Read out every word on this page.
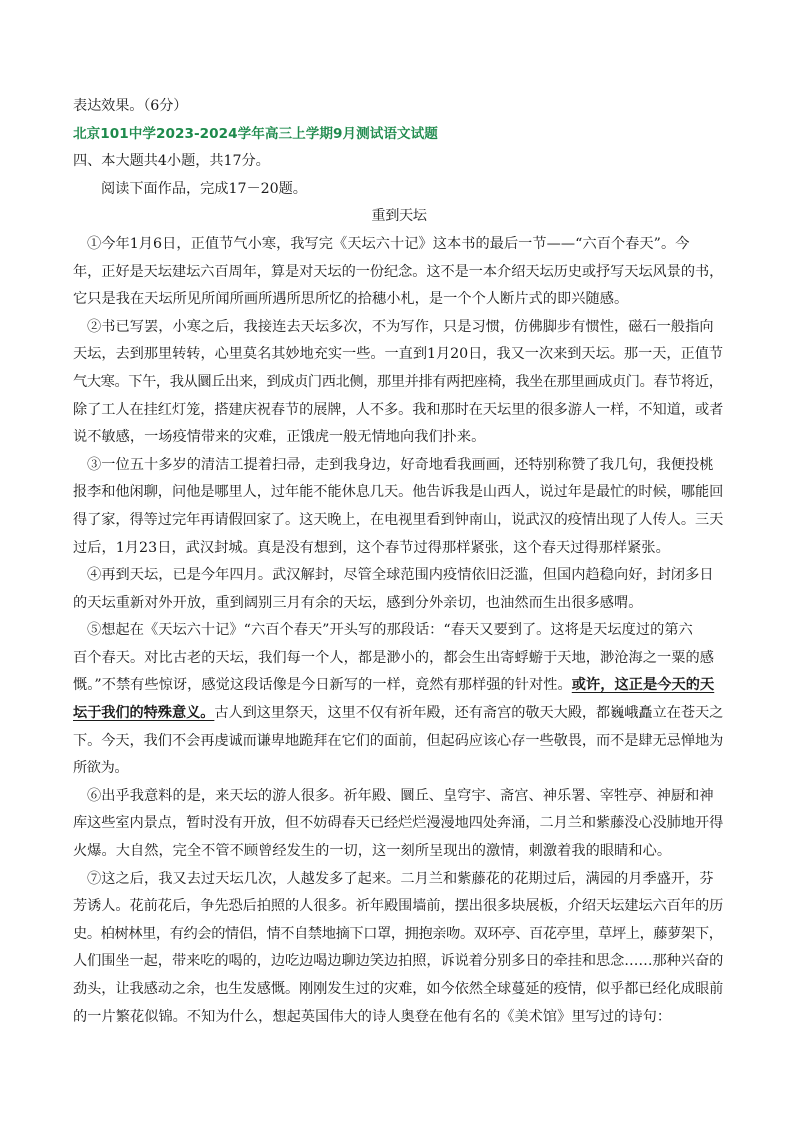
表达效果。（6分）

北京101中学2023-2024学年高三上学期9月测试语文试题

四、本大题共4小题，共17分。

阅读下面作品，完成17－20题。

重到天坛

①今年1月6日，正值节气小寒，我写完《天坛六十记》这本书的最后一节——“六百个春天”。今
年，正好是天坛建坛六百周年，算是对天坛的一份纪念。这不是一本介绍天坛历史或抒写天坛风景的书，
它只是我在天坛所见所闻所画所遇所思所忆的拾穗小札，是一个个人断片式的即兴随感。
②书已写罢，小寒之后，我接连去天坛多次，不为写作，只是习惯，仿佛脚步有惯性，磁石一般指向
天坛，去到那里转转，心里莫名其妙地充实一些。一直到1月20日，我又一次来到天坛。那一天，正值节
气大寒。下午，我从圜丘出来，到成贞门西北侧，那里并排有两把座椅，我坐在那里画成贞门。春节将近，
除了工人在挂红灯笼，搭建庆祝春节的展牌，人不多。我和那时在天坛里的很多游人一样，不知道，或者
说不敏感，一场疫情带来的灾难，正饿虎一般无情地向我们扑来。
③一位五十多岁的清洁工提着扫帚，走到我身边，好奇地看我画画，还特别称赞了我几句，我便投桃
报李和他闲聊，问他是哪里人，过年能不能休息几天。他告诉我是山西人，说过年是最忙的时候，哪能回
得了家，得等过完年再请假回家了。这天晚上，在电视里看到钟南山，说武汉的疫情出现了人传人。三天
过后，1月23日，武汉封城。真是没有想到，这个春节过得那样紧张，这个春天过得那样紧张。
④再到天坛，已是今年四月。武汉解封，尽管全球范围内疫情依旧泛滥，但国内趋稳向好，封闭多日
的天坛重新对外开放，重到阔别三月有余的天坛，感到分外亲切，也油然而生出很多感喟。
⑤想起在《天坛六十记》“六百个春天”开头写的那段话：“春天又要到了。这将是天坛度过的第六
百个春天。对比古老的天坛，我们每一个人，都是渺小的，都会生出寄蜉蝣于天地，渺沧海之一粟的感
慨。”不禁有些惊讶，感觉这段话像是今日新写的一样，竟然有那样强的针对性。或许，这正是今天的天
坛于我们的特殊意义。古人到这里祭天，这里不仅有祈年殿，还有斋宫的敬天大殿，都巍峨矗立在苍天之
下。今天，我们不会再虔诚而谦卑地跪拜在它们的面前，但起码应该心存一些敬畏，而不是肆无忌惮地为
所欲为。
⑥出乎我意料的是，来天坛的游人很多。祈年殿、圜丘、皇穹宇、斋宫、神乐署、宰牲亭、神厨和神
库这些室内景点，暂时没有开放，但不妨碍春天已经烂烂漫漫地四处奔涌，二月兰和紫藤没心没肺地开得
火爆。大自然，完全不管不顾曾经发生的一切，这一刻所呈现出的激情，刺激着我的眼睛和心。
⑦这之后，我又去过天坛几次，人越发多了起来。二月兰和紫藤花的花期过后，满园的月季盛开，芬
芳诱人。花前花后，争先恐后拍照的人很多。祈年殿围墙前，摆出很多块展板，介绍天坛建坛六百年的历
史。柏树林里，有约会的情侣，情不自禁地摘下口罩，拥抱亲吻。双环亭、百花亭里，草坪上，藤萝架下，
人们围坐一起，带来吃的喝的，边吃边喝边聊边笑边拍照，诉说着分别多日的牵挂和思念……那种兴奋的
劲头，让我感动之余，也生发感慨。刚刚发生过的灾难，如今依然全球蔓延的疫情，似乎都已经化成眼前
的一片繁花似锦。不知为什么，想起英国伟大的诗人奥登在他有名的《美术馆》里写过的诗句：
